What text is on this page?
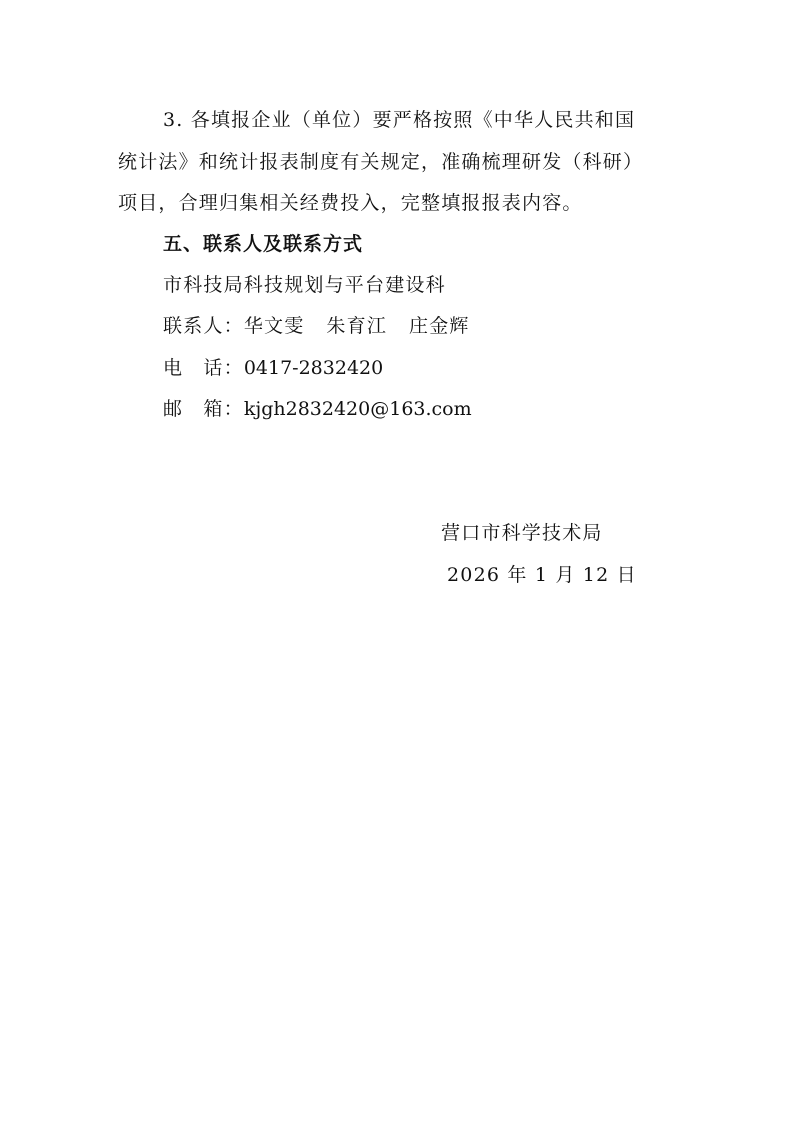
3. 各填报企业（单位）要严格按照《中华人民共和国
统计法》和统计报表制度有关规定，准确梳理研发（科研）
项目，合理归集相关经费投入，完整填报报表内容。
五、联系人及联系方式
市科技局科技规划与平台建设科
联系人：华文雯 朱育江 庄金辉
电　话：0417-2832420
邮　箱：kjgh2832420@163.com
营口市科学技术局
2026 年 1 月 12 日
